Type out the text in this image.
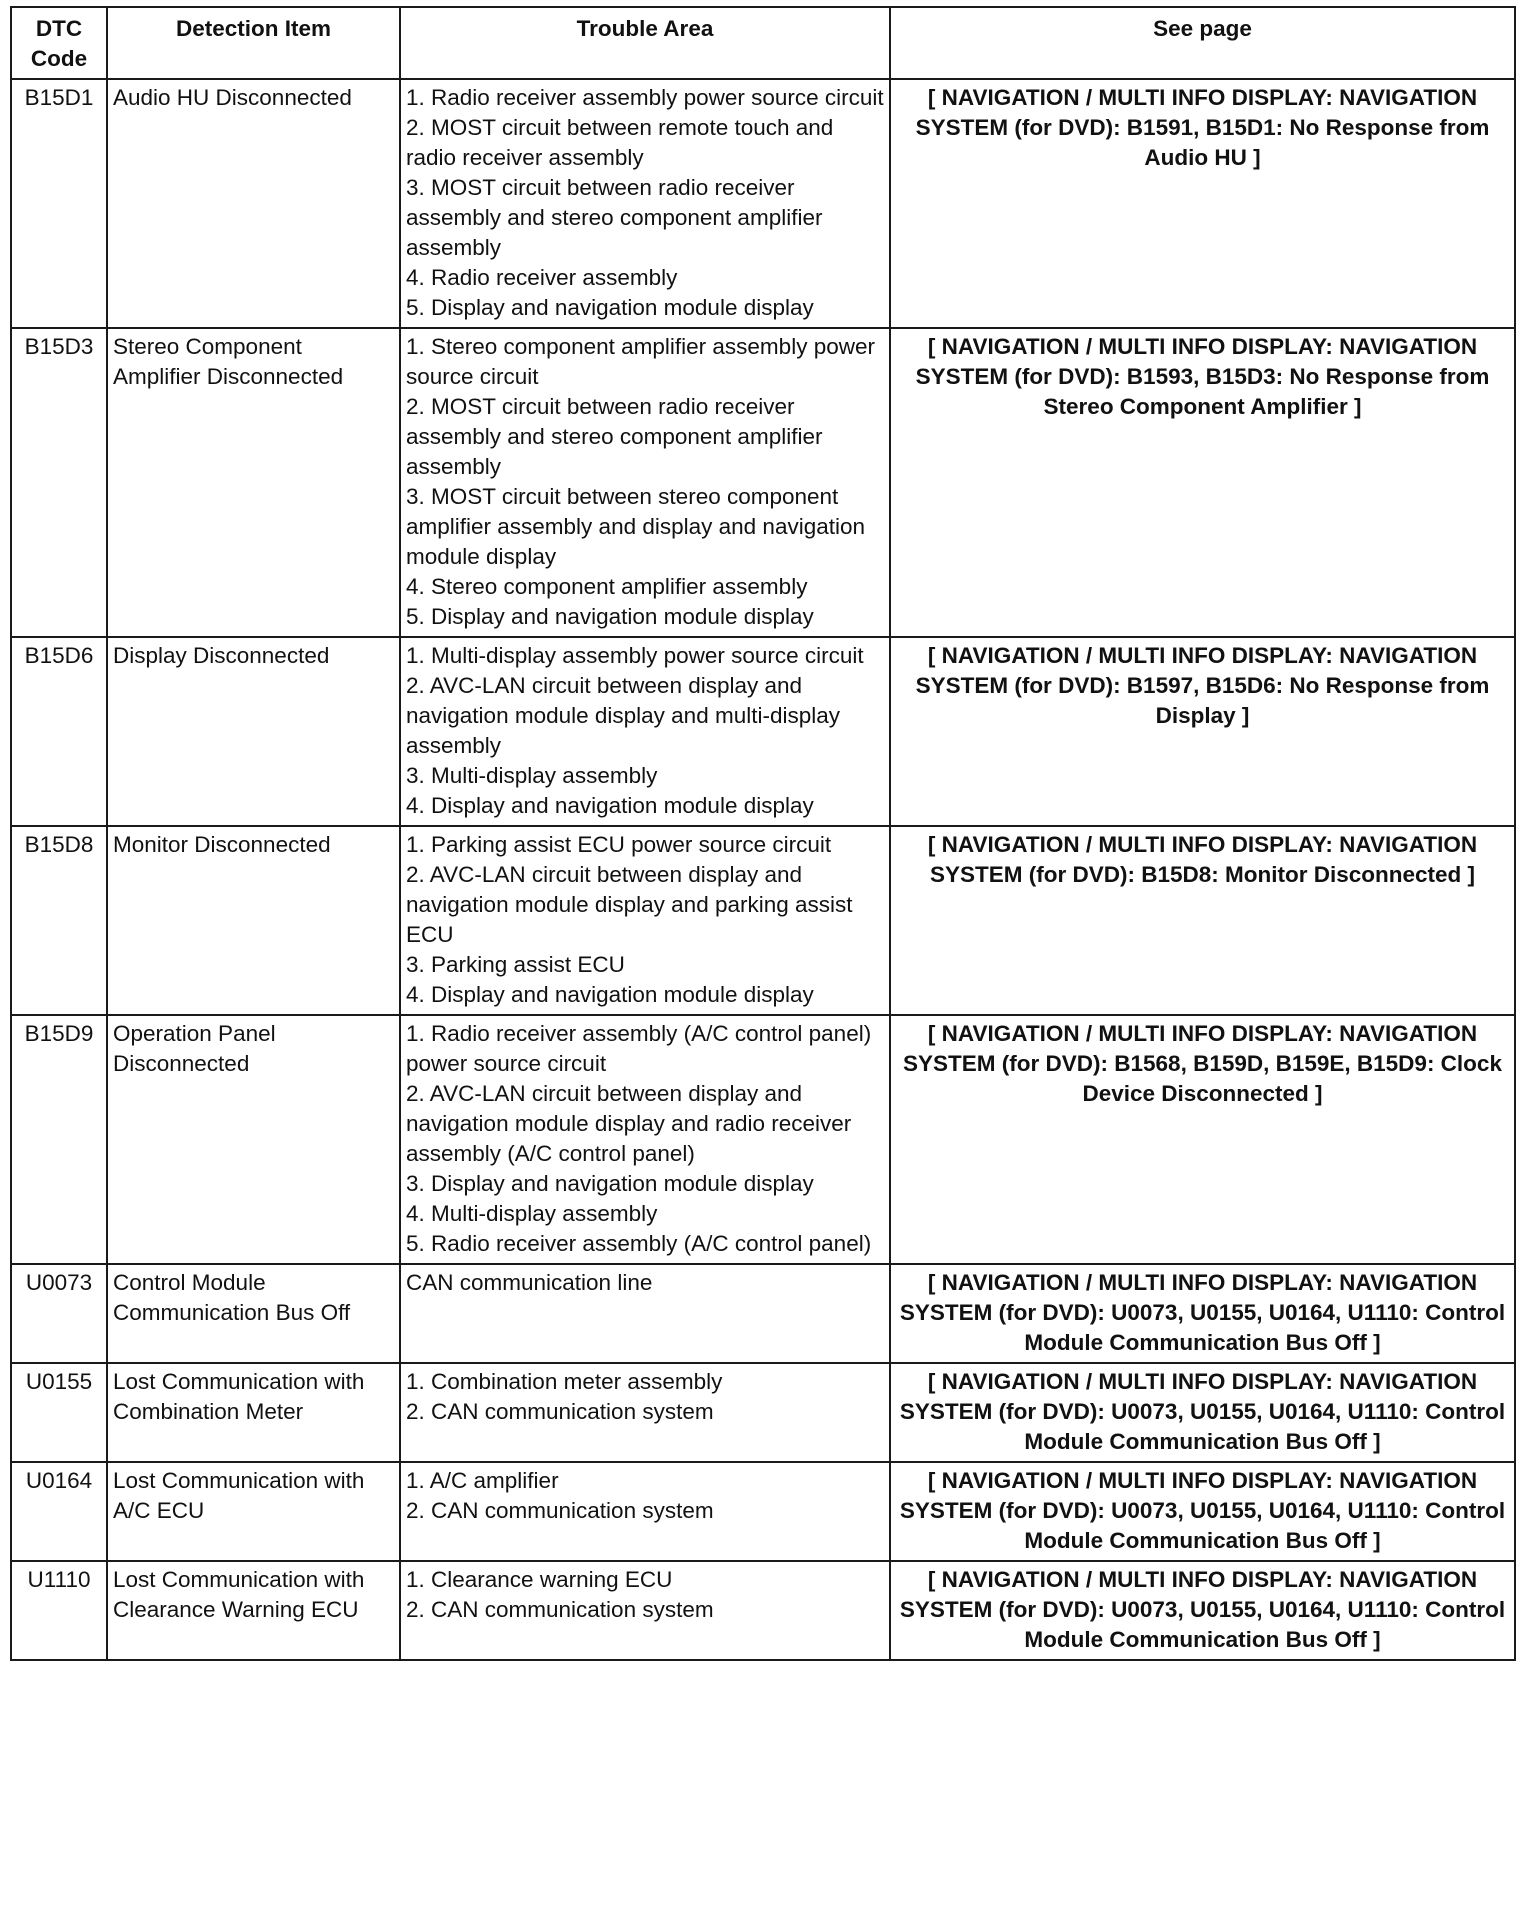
DTC Code	Detection Item	Trouble Area	See page
B15D1	Audio HU Disconnected	1. Radio receiver assembly power source circuit
2. MOST circuit between remote touch and radio receiver assembly
3. MOST circuit between radio receiver assembly and stereo component amplifier assembly
4. Radio receiver assembly
5. Display and navigation module display	[ NAVIGATION / MULTI INFO DISPLAY: NAVIGATION SYSTEM (for DVD): B1591, B15D1: No Response from Audio HU ]
B15D3	Stereo Component Amplifier Disconnected	1. Stereo component amplifier assembly power source circuit
2. MOST circuit between radio receiver assembly and stereo component amplifier assembly
3. MOST circuit between stereo component amplifier assembly and display and navigation module display
4. Stereo component amplifier assembly
5. Display and navigation module display	[ NAVIGATION / MULTI INFO DISPLAY: NAVIGATION SYSTEM (for DVD): B1593, B15D3: No Response from Stereo Component Amplifier ]
B15D6	Display Disconnected	1. Multi-display assembly power source circuit
2. AVC-LAN circuit between display and navigation module display and multi-display assembly
3. Multi-display assembly
4. Display and navigation module display	[ NAVIGATION / MULTI INFO DISPLAY: NAVIGATION SYSTEM (for DVD): B1597, B15D6: No Response from Display ]
B15D8	Monitor Disconnected	1. Parking assist ECU power source circuit
2. AVC-LAN circuit between display and navigation module display and parking assist ECU
3. Parking assist ECU
4. Display and navigation module display	[ NAVIGATION / MULTI INFO DISPLAY: NAVIGATION SYSTEM (for DVD): B15D8: Monitor Disconnected ]
B15D9	Operation Panel Disconnected	1. Radio receiver assembly (A/C control panel) power source circuit
2. AVC-LAN circuit between display and navigation module display and radio receiver assembly (A/C control panel)
3. Display and navigation module display
4. Multi-display assembly
5. Radio receiver assembly (A/C control panel)	[ NAVIGATION / MULTI INFO DISPLAY: NAVIGATION SYSTEM (for DVD): B1568, B159D, B159E, B15D9: Clock Device Disconnected ]
U0073	Control Module Communication Bus Off	CAN communication line	[ NAVIGATION / MULTI INFO DISPLAY: NAVIGATION SYSTEM (for DVD): U0073, U0155, U0164, U1110: Control Module Communication Bus Off ]
U0155	Lost Communication with Combination Meter	1. Combination meter assembly
2. CAN communication system	[ NAVIGATION / MULTI INFO DISPLAY: NAVIGATION SYSTEM (for DVD): U0073, U0155, U0164, U1110: Control Module Communication Bus Off ]
U0164	Lost Communication with A/C ECU	1. A/C amplifier
2. CAN communication system	[ NAVIGATION / MULTI INFO DISPLAY: NAVIGATION SYSTEM (for DVD): U0073, U0155, U0164, U1110: Control Module Communication Bus Off ]
U1110	Lost Communication with Clearance Warning ECU	1. Clearance warning ECU
2. CAN communication system	[ NAVIGATION / MULTI INFO DISPLAY: NAVIGATION SYSTEM (for DVD): U0073, U0155, U0164, U1110: Control Module Communication Bus Off ]
